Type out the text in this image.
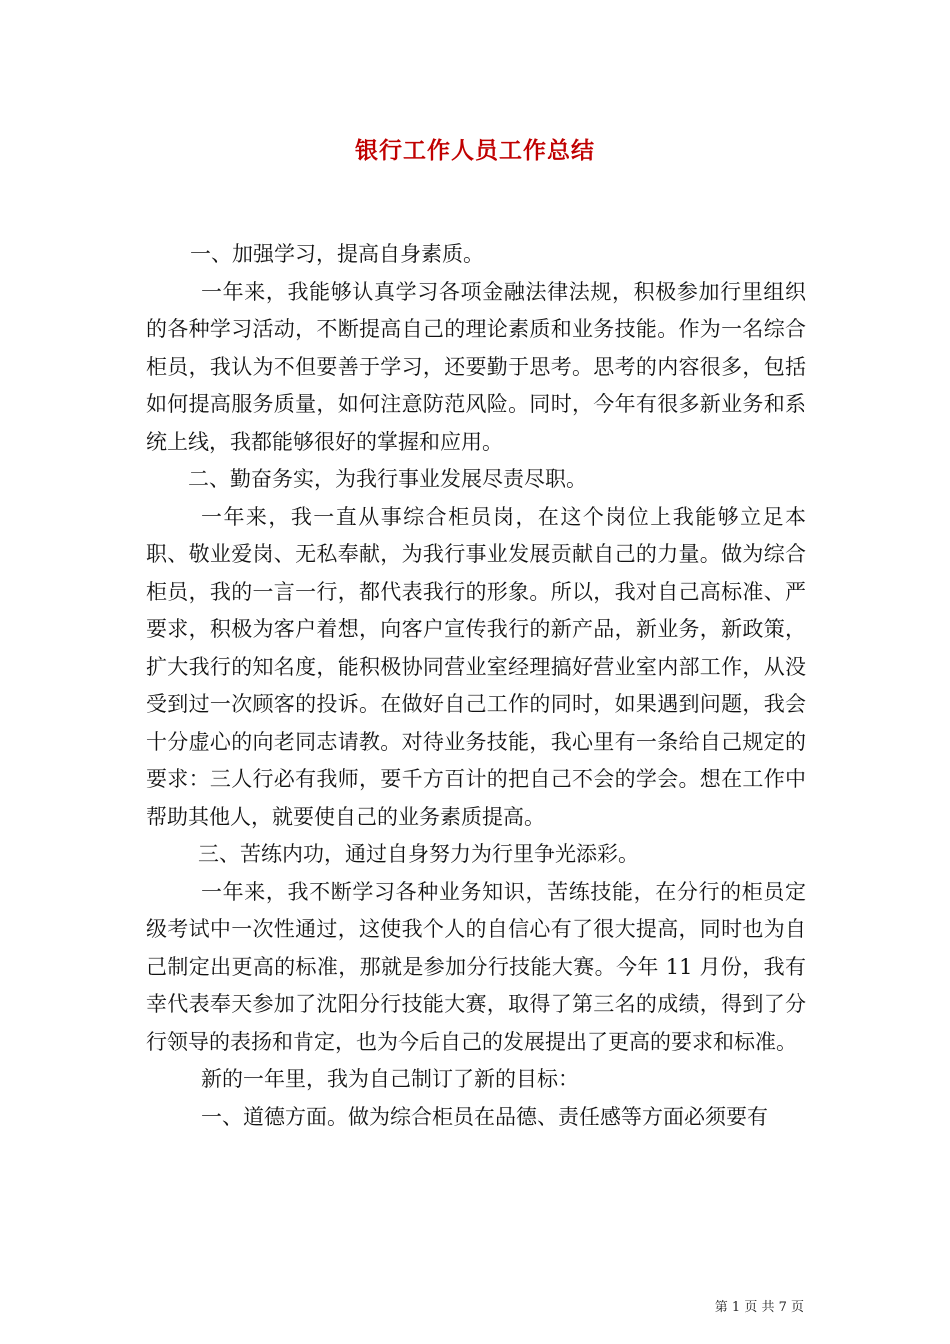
银行工作人员工作总结

一、加强学习，提高自身素质。

一年来，我能够认真学习各项金融法律法规，积极参加行里组织的各种学习活动，不断提高自己的理论素质和业务技能。作为一名综合柜员，我认为不但要善于学习，还要勤于思考。思考的内容很多，包括如何提高服务质量，如何注意防范风险。同时，今年有很多新业务和系统上线，我都能够很好的掌握和应用。

二、勤奋务实，为我行事业发展尽责尽职。

一年来，我一直从事综合柜员岗，在这个岗位上我能够立足本职、敬业爱岗、无私奉献，为我行事业发展贡献自己的力量。做为综合柜员，我的一言一行，都代表我行的形象。所以，我对自己高标准、严要求，积极为客户着想，向客户宣传我行的新产品，新业务，新政策，扩大我行的知名度，能积极协同营业室经理搞好营业室内部工作，从没受到过一次顾客的投诉。在做好自己工作的同时，如果遇到问题，我会十分虚心的向老同志请教。对待业务技能，我心里有一条给自己规定的要求：三人行必有我师，要千方百计的把自己不会的学会。想在工作中帮助其他人，就要使自己的业务素质提高。

三、苦练内功，通过自身努力为行里争光添彩。

一年来，我不断学习各种业务知识，苦练技能，在分行的柜员定级考试中一次性通过，这使我个人的自信心有了很大提高，同时也为自己制定出更高的标准，那就是参加分行技能大赛。今年 11 月份，我有幸代表奉天参加了沈阳分行技能大赛，取得了第三名的成绩，得到了分行领导的表扬和肯定，也为今后自己的发展提出了更高的要求和标准。

新的一年里，我为自己制订了新的目标：

一、道德方面。做为综合柜员在品德、责任感等方面必须要有

第 1 页 共 7 页
